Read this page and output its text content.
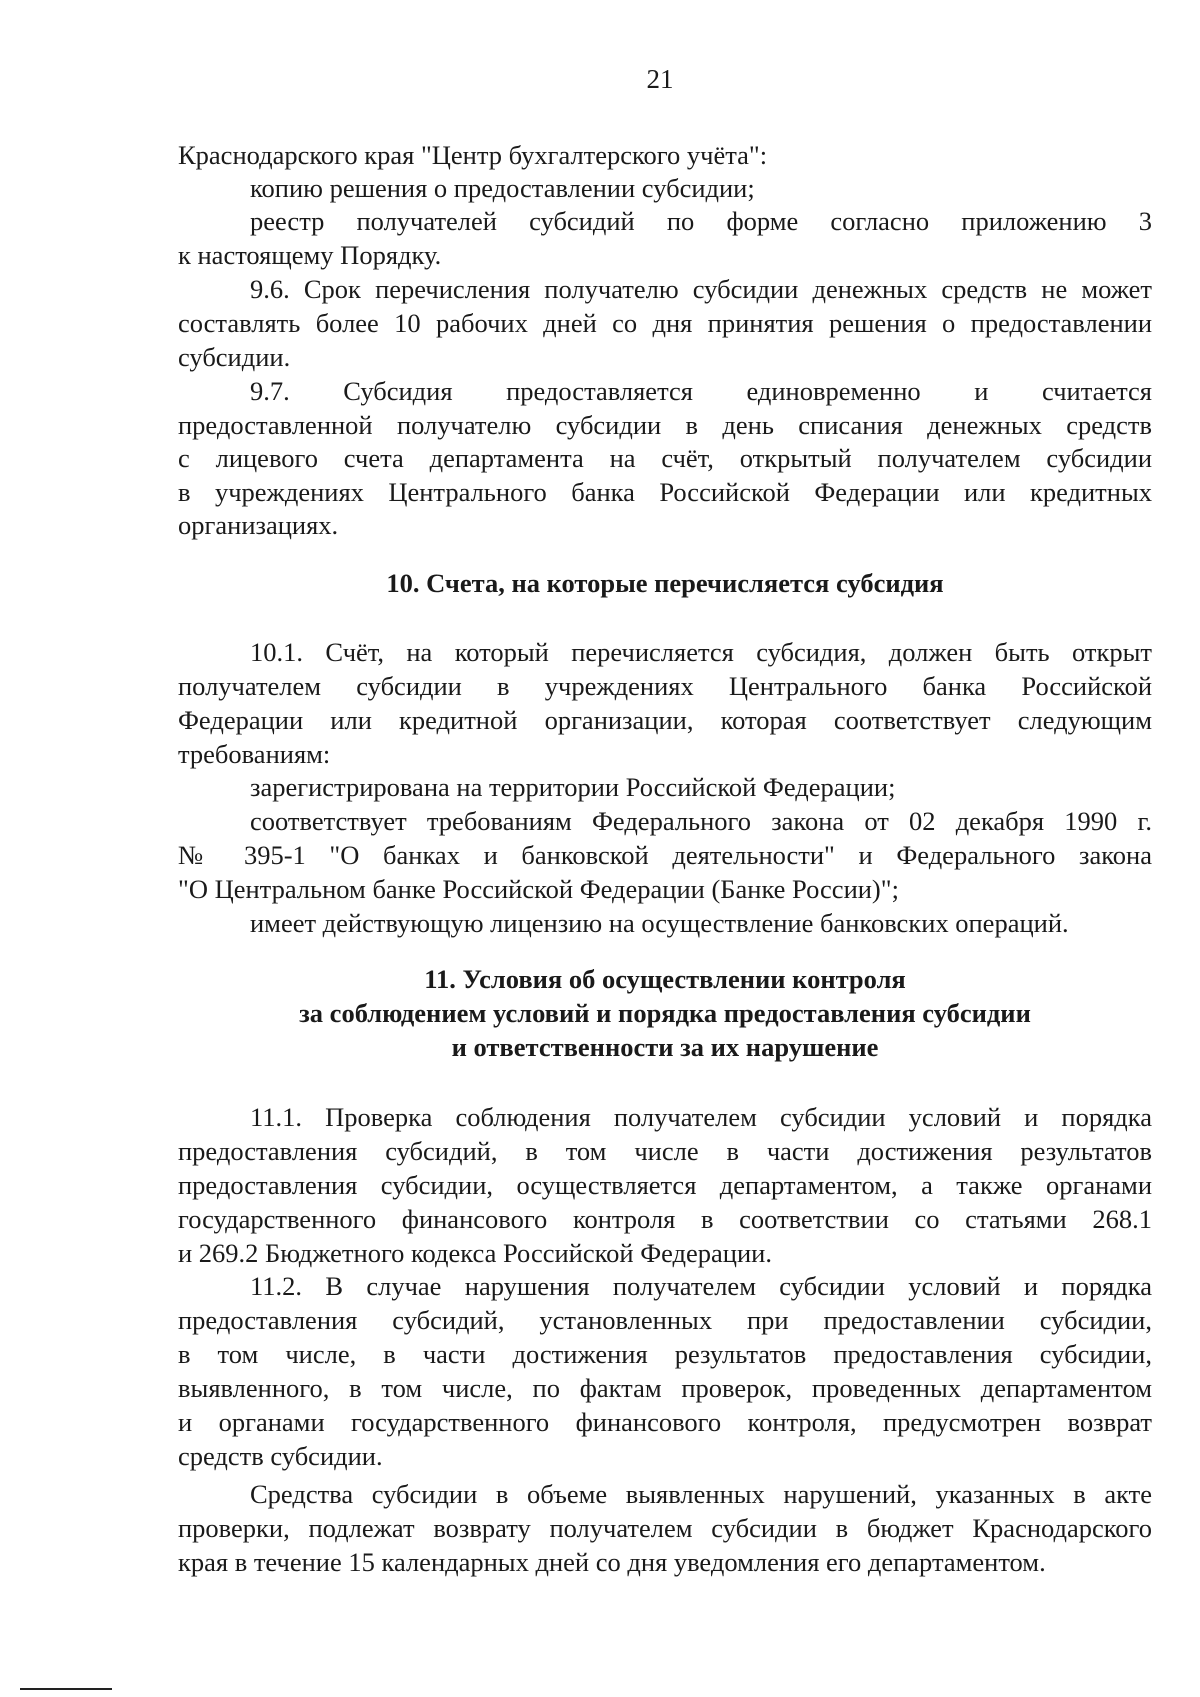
21
Краснодарского края "Центр бухгалтерского учёта":
копию решения о предоставлении субсидии;
реестр получателей субсидий по форме согласно приложению 3
к настоящему Порядку.
9.6. Срок перечисления получателю субсидии денежных средств не может
составлять более 10 рабочих дней со дня принятия решения о предоставлении
субсидии.
9.7. Субсидия предоставляется единовременно и считается
предоставленной получателю субсидии в день списания денежных средств
с лицевого счета департамента на счёт, открытый получателем субсидии
в учреждениях Центрального банка Российской Федерации или кредитных
организациях.
10. Счета, на которые перечисляется субсидия
10.1. Счёт, на который перечисляется субсидия, должен быть открыт
получателем субсидии в учреждениях Центрального банка Российской
Федерации или кредитной организации, которая соответствует следующим
требованиям:
зарегистрирована на территории Российской Федерации;
соответствует требованиям Федерального закона от 02 декабря 1990 г.
№ 395-1 "О банках и банковской деятельности" и Федерального закона
"О Центральном банке Российской Федерации (Банке России)";
имеет действующую лицензию на осуществление банковских операций.
11. Условия об осуществлении контроля
за соблюдением условий и порядка предоставления субсидии
и ответственности за их нарушение
11.1. Проверка соблюдения получателем субсидии условий и порядка
предоставления субсидий, в том числе в части достижения результатов
предоставления субсидии, осуществляется департаментом, а также органами
государственного финансового контроля в соответствии со статьями 268.1
и 269.2 Бюджетного кодекса Российской Федерации.
11.2. В случае нарушения получателем субсидии условий и порядка
предоставления субсидий, установленных при предоставлении субсидии,
в том числе, в части достижения результатов предоставления субсидии,
выявленного, в том числе, по фактам проверок, проведенных департаментом
и органами государственного финансового контроля, предусмотрен возврат
средств субсидии.
Средства субсидии в объеме выявленных нарушений, указанных в акте
проверки, подлежат возврату получателем субсидии в бюджет Краснодарского
края в течение 15 календарных дней со дня уведомления его департаментом.
